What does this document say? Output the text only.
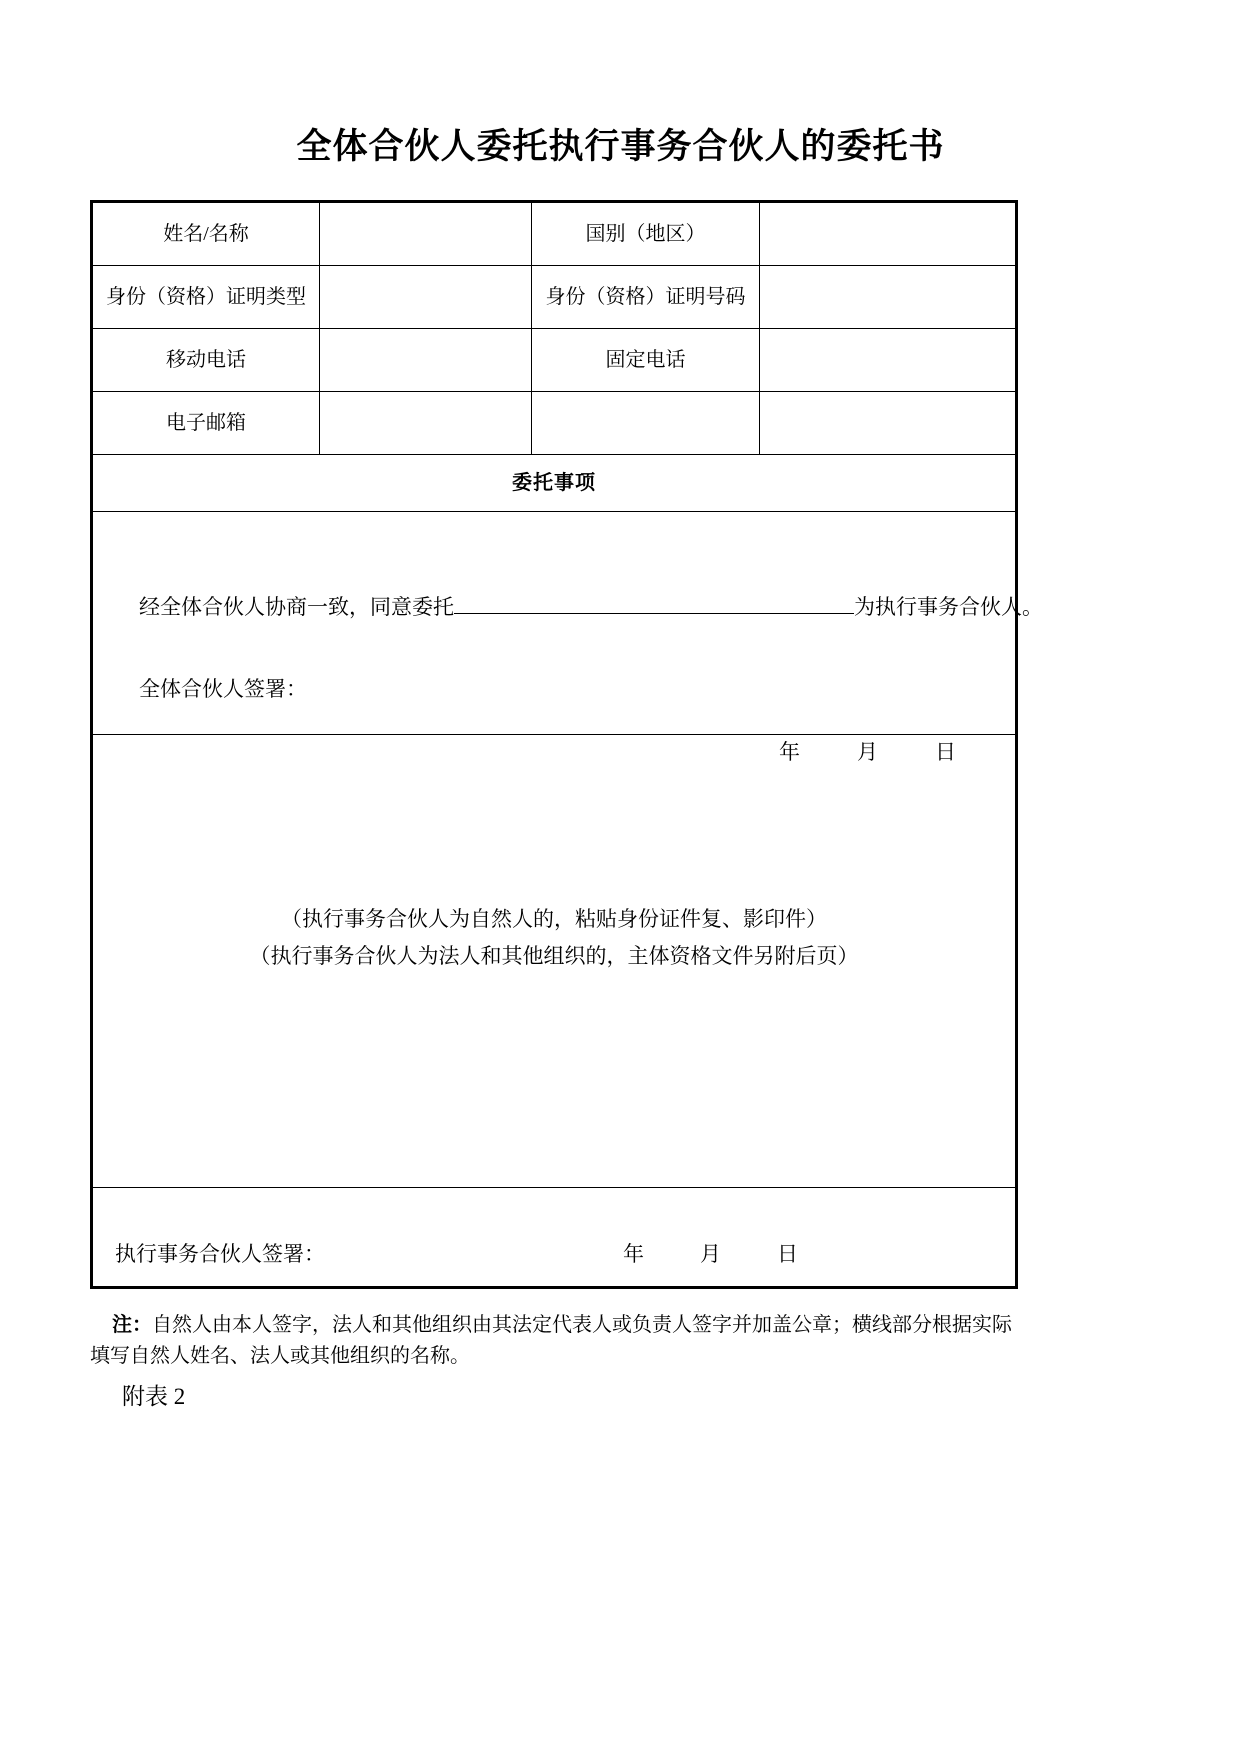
全体合伙人委托执行事务合伙人的委托书
姓名/名称		国别（地区）	
身份（资格）证明类型		身份（资格）证明号码	
移动电话		固定电话	
电子邮箱			
委托事项			

经全体合伙人协商一致，同意委托 为执行事务合伙人。
全体合伙人签署：
年 月 日			

（执行事务合伙人为自然人的，粘贴身份证件复、影印件）
（执行事务合伙人为法人和其他组织的，主体资格文件另附后页）			

执行事务合伙人签署： 年 月 日			
注：自然人由本人签字，法人和其他组织由其法定代表人或负责人签字并加盖公章；横线部分根据实际
填写自然人姓名、法人或其他组织的名称。
附表 2
